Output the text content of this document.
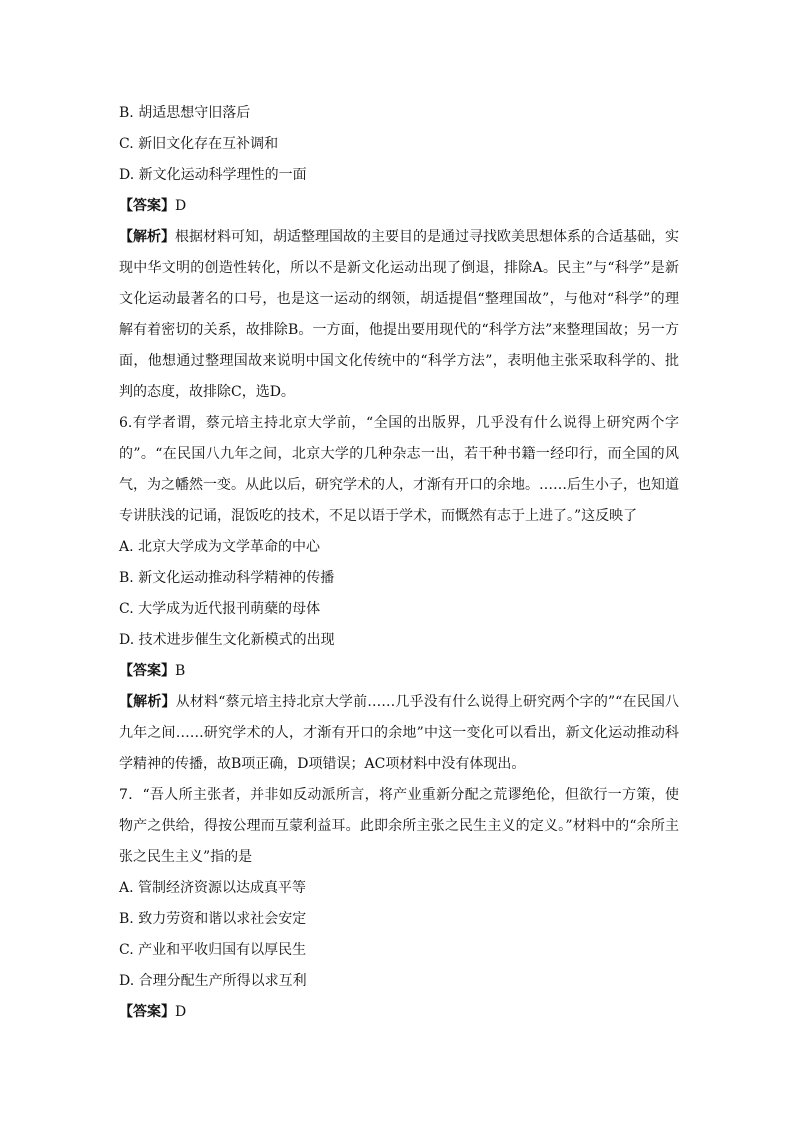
B. 胡适思想守旧落后
C. 新旧文化存在互补调和
D. 新文化运动科学理性的一面
【答案】D
【解析】根据材料可知，胡适整理国故的主要目的是通过寻找欧美思想体系的合适基础，实现中华文明的创造性转化，所以不是新文化运动出现了倒退，排除A。民主”与“科学”是新文化运动最著名的口号，也是这一运动的纲领，胡适提倡“整理国故”，与他对“科学”的理解有着密切的关系，故排除B。一方面，他提出要用现代的“科学方法”来整理国故；另一方面，他想通过整理国故来说明中国文化传统中的“科学方法”，表明他主张采取科学的、批判的态度，故排除C，选D。
6.有学者谓，蔡元培主持北京大学前，“全国的出版界，几乎没有什么说得上研究两个字的”。“在民国八九年之间，北京大学的几种杂志一出，若干种书籍一经印行，而全国的风气，为之幡然一变。从此以后，研究学术的人，才渐有开口的余地。……后生小子，也知道专讲肤浅的记诵，混饭吃的技术，不足以语于学术，而慨然有志于上进了。”这反映了
A. 北京大学成为文学革命的中心
B. 新文化运动推动科学精神的传播
C. 大学成为近代报刊萌蘖的母体
D. 技术进步催生文化新模式的出现
【答案】B
【解析】从材料“蔡元培主持北京大学前……几乎没有什么说得上研究两个字的”“在民国八九年之间……研究学术的人，才渐有开口的余地”中这一变化可以看出，新文化运动推动科学精神的传播，故B项正确，D项错误；AC项材料中没有体现出。
7．“吾人所主张者，并非如反动派所言，将产业重新分配之荒谬绝伦，但欲行一方策，使物产之供给，得按公理而互蒙利益耳。此即余所主张之民生主义的定义。”材料中的“余所主张之民生主义”指的是
A. 管制经济资源以达成真平等
B. 致力劳资和谐以求社会安定
C. 产业和平收归国有以厚民生
D. 合理分配生产所得以求互利
【答案】D
